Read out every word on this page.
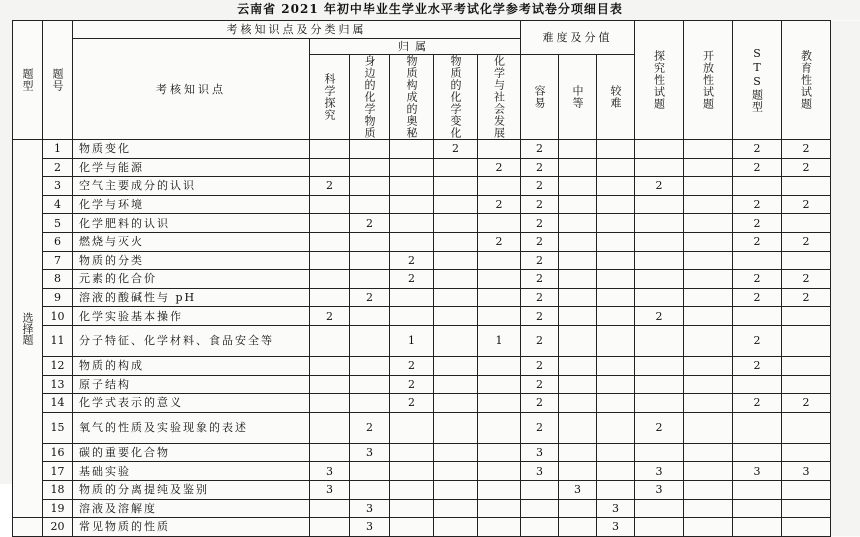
云南省 2021 年初中毕业生学业水平考试化学参考试卷分项细目表
题型	题号	考核知识点及分类归属						难度及分值			探究性试题	开放性试题	STS题型	教育性试题	

		考核知识点	归属												

			科学探究	身边的化学物质	物质构成的奥秘	物质的化学变化	化学与社会发展	容易	中等	较难					

选择题	1	物质变化				2		2					2	2	
	2	化学与能源					2	2					2	2	
	3	空气主要成分的认识	2					2			2				
	4	化学与环境					2	2					2	2	
	5	化学肥料的认识		2				2					2		
	6	燃烧与灭火					2	2					2	2	
	7	物质的分类			2			2							
	8	元素的化合价			2			2					2	2	
	9	溶液的酸碱性与 pH		2				2					2	2	
	10	化学实验基本操作	2					2			2				
	11	分子特征、化学材料、食品安全等			1		1	2					2		
	12	物质的构成			2			2					2		
	13	原子结构			2			2							
	14	化学式表示的意义			2			2					2	2	
	15	氧气的性质及实验现象的表述		2				2			2				
	16	碳的重要化合物		3				3							
	17	基础实验	3					3			3		3	3	
	18	物质的分离提纯及鉴别	3						3		3				
	19	溶液及溶解度		3						3					
	20	常见物质的性质		3						3					
